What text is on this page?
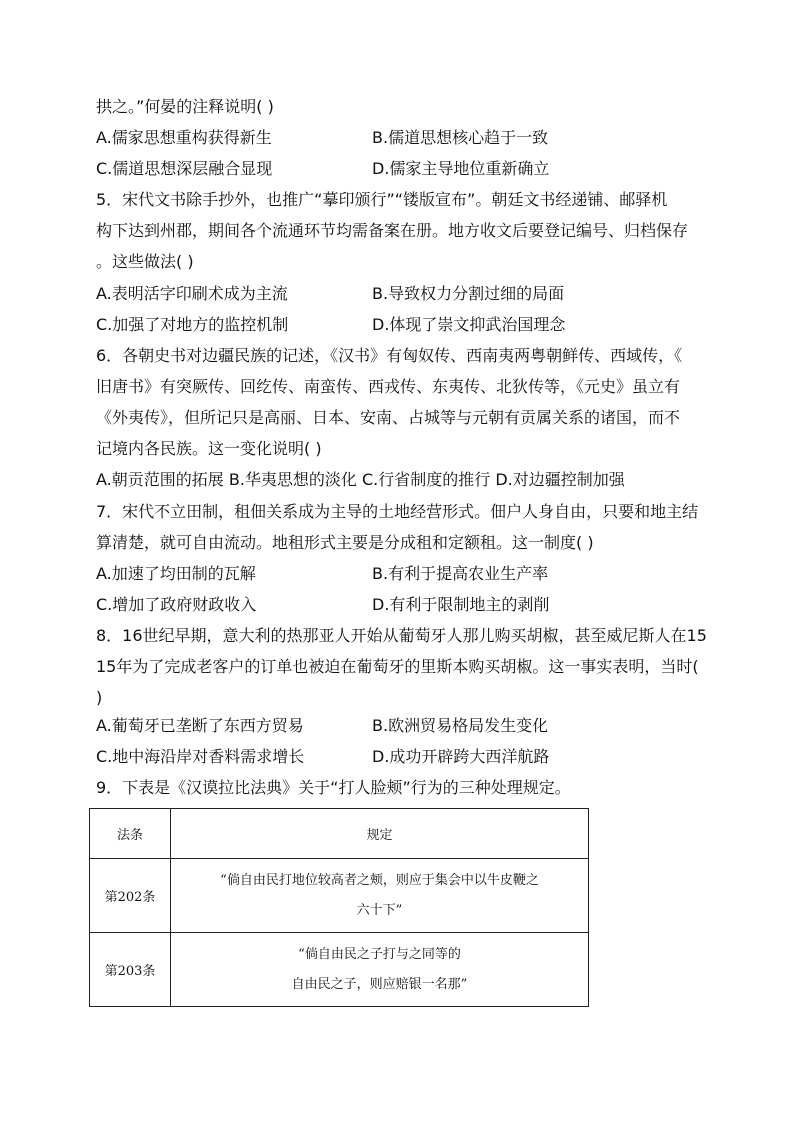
拱之。”何晏的注释说明( )
A.儒家思想重构获得新生	B.儒道思想核心趋于一致
C.儒道思想深层融合显现	D.儒家主导地位重新确立
5．宋代文书除手抄外，也推广“摹印颁行”“镂版宣布”。朝廷文书经递铺、邮驿机
构下达到州郡，期间各个流通环节均需备案在册。地方收文后要登记编号、归档保存
。这些做法( )
A.表明活字印刷术成为主流	B.导致权力分割过细的局面
C.加强了对地方的监控机制	D.体现了崇文抑武治国理念
6．各朝史书对边疆民族的记述，《汉书》有匈奴传、西南夷两粤朝鲜传、西域传，《
旧唐书》有突厥传、回纥传、南蛮传、西戎传、东夷传、北狄传等，《元史》虽立有
《外夷传》，但所记只是高丽、日本、安南、占城等与元朝有贡属关系的诸国，而不
记境内各民族。这一变化说明( )
A.朝贡范围的拓展 B.华夷思想的淡化 C.行省制度的推行 D.对边疆控制加强
7．宋代不立田制，租佃关系成为主导的土地经营形式。佃户人身自由，只要和地主结
算清楚，就可自由流动。地租形式主要是分成租和定额租。这一制度( )
A.加速了均田制的瓦解	B.有利于提高农业生产率
C.增加了政府财政收入	D.有利于限制地主的剥削
8．16世纪早期，意大利的热那亚人开始从葡萄牙人那儿购买胡椒，甚至威尼斯人在15
15年为了完成老客户的订单也被迫在葡萄牙的里斯本购买胡椒。这一事实表明，当时(
)
A.葡萄牙已垄断了东西方贸易	B.欧洲贸易格局发生变化
C.地中海沿岸对香料需求增长	D.成功开辟跨大西洋航路
9．下表是《汉谟拉比法典》关于“打人脸颊”行为的三种处理规定。
法条	规定
第202条	“倘自由民打地位较高者之颊，则应于集会中以牛皮鞭之
六十下”

第203条	“倘自由民之子打与之同等的
自由民之子，则应赔银一名那”
